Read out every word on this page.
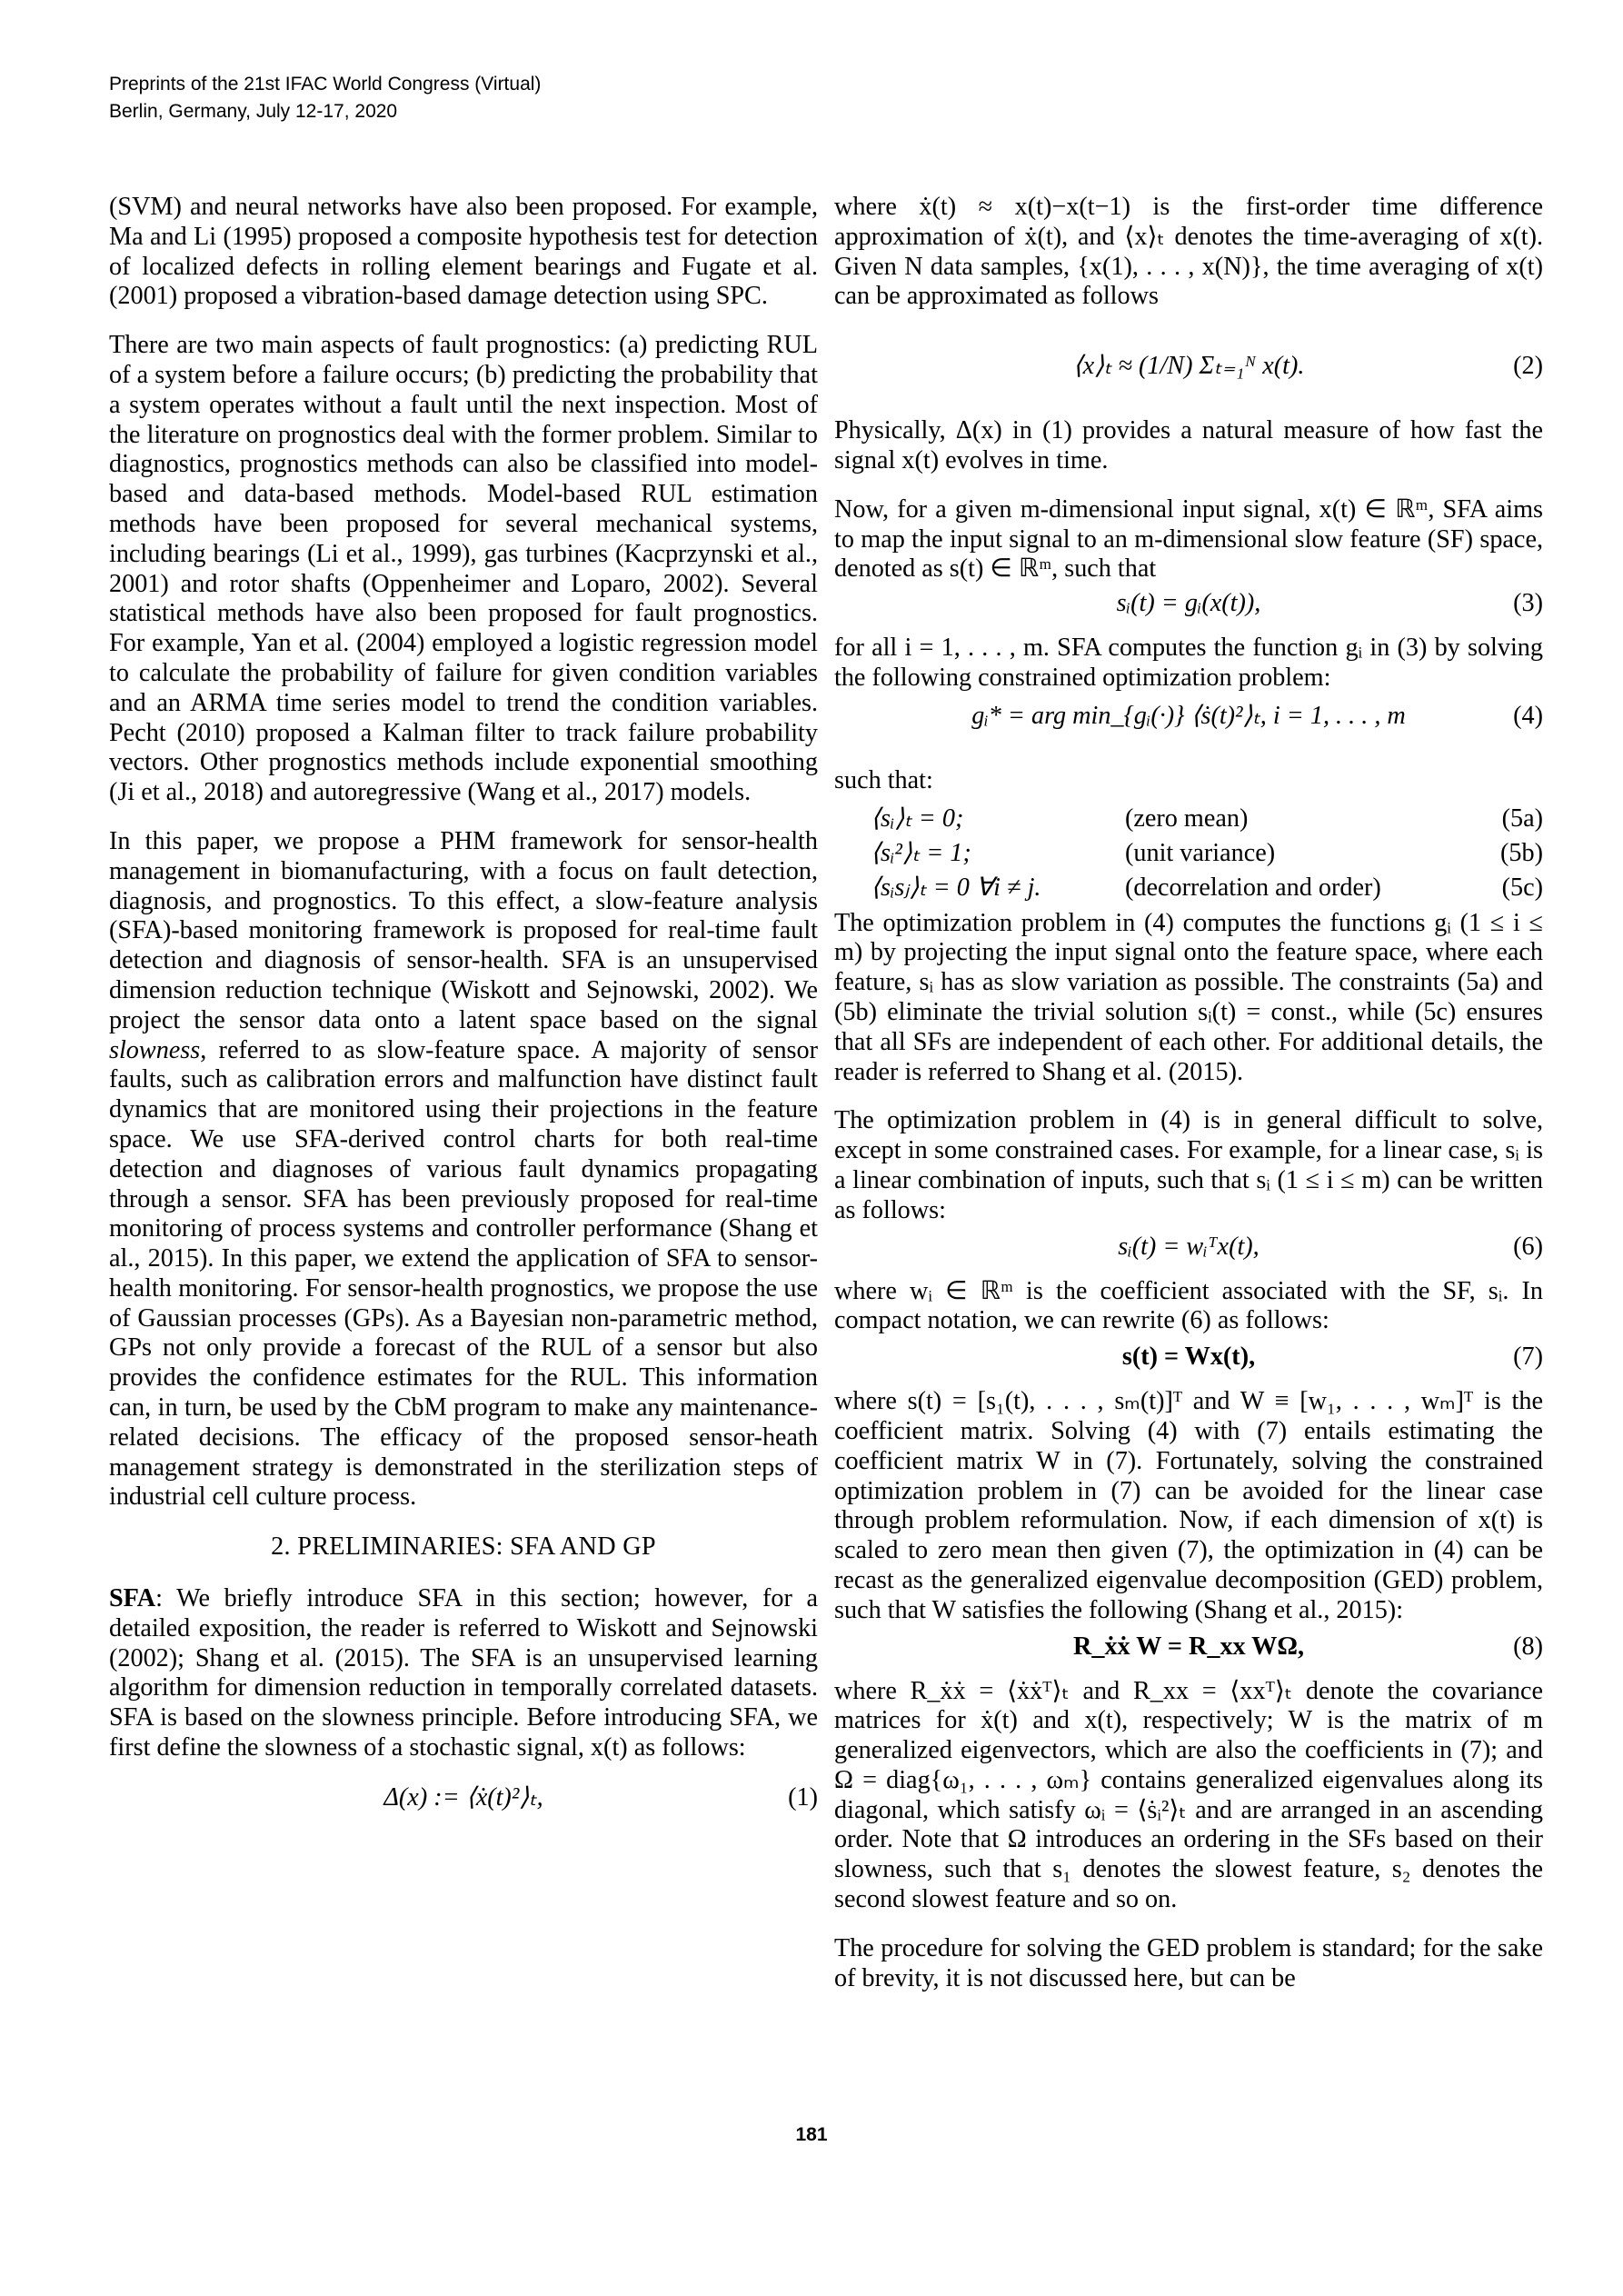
Preprints of the 21st IFAC World Congress (Virtual)
Berlin, Germany, July 12-17, 2020

(SVM) and neural networks have also been proposed. For example, Ma and Li (1995) proposed a composite hypothesis test for detection of localized defects in rolling element bearings and Fugate et al. (2001) proposed a vibration-based damage detection using SPC.

There are two main aspects of fault prognostics: (a) predicting RUL of a system before a failure occurs; (b) predicting the probability that a system operates without a fault until the next inspection. Most of the literature on prognostics deal with the former problem. Similar to diagnostics, prognostics methods can also be classified into model-based and data-based methods. Model-based RUL estimation methods have been proposed for several mechanical systems, including bearings (Li et al., 1999), gas turbines (Kacprzynski et al., 2001) and rotor shafts (Oppenheimer and Loparo, 2002). Several statistical methods have also been proposed for fault prognostics. For example, Yan et al. (2004) employed a logistic regression model to calculate the probability of failure for given condition variables and an ARMA time series model to trend the condition variables. Pecht (2010) proposed a Kalman filter to track failure probability vectors. Other prognostics methods include exponential smoothing (Ji et al., 2018) and autoregressive (Wang et al., 2017) models.

In this paper, we propose a PHM framework for sensor-health management in biomanufacturing, with a focus on fault detection, diagnosis, and prognostics. To this effect, a slow-feature analysis (SFA)-based monitoring framework is proposed for real-time fault detection and diagnosis of sensor-health. SFA is an unsupervised dimension reduction technique (Wiskott and Sejnowski, 2002). We project the sensor data onto a latent space based on the signal slowness, referred to as slow-feature space. A majority of sensor faults, such as calibration errors and malfunction have distinct fault dynamics that are monitored using their projections in the feature space. We use SFA-derived control charts for both real-time detection and diagnoses of various fault dynamics propagating through a sensor. SFA has been previously proposed for real-time monitoring of process systems and controller performance (Shang et al., 2015). In this paper, we extend the application of SFA to sensor-health monitoring. For sensor-health prognostics, we propose the use of Gaussian processes (GPs). As a Bayesian non-parametric method, GPs not only provide a forecast of the RUL of a sensor but also provides the confidence estimates for the RUL. This information can, in turn, be used by the CbM program to make any maintenance-related decisions. The efficacy of the proposed sensor-heath management strategy is demonstrated in the sterilization steps of industrial cell culture process.

2. PRELIMINARIES: SFA AND GP

SFA: We briefly introduce SFA in this section; however, for a detailed exposition, the reader is referred to Wiskott and Sejnowski (2002); Shang et al. (2015). The SFA is an unsupervised learning algorithm for dimension reduction in temporally correlated datasets. SFA is based on the slowness principle. Before introducing SFA, we first define the slowness of a stochastic signal, x(t) as follows:

Δ(x) := ⟨ẋ(t)²⟩ₜ,	(1)

where ẋ(t) ≈ x(t)−x(t−1) is the first-order time difference approximation of ẋ(t), and ⟨x⟩ₜ denotes the time-averaging of x(t). Given N data samples, {x(1), . . . , x(N)}, the time averaging of x(t) can be approximated as follows

⟨x⟩ₜ ≈ (1/N) Σₜ₌₁ᴺ x(t).	(2)

Physically, Δ(x) in (1) provides a natural measure of how fast the signal x(t) evolves in time.

Now, for a given m-dimensional input signal, x(t) ∈ ℝᵐ, SFA aims to map the input signal to an m-dimensional slow feature (SF) space, denoted as s(t) ∈ ℝᵐ, such that

sᵢ(t) = gᵢ(x(t)),	(3)

for all i = 1, . . . , m. SFA computes the function gᵢ in (3) by solving the following constrained optimization problem:

gᵢ* = arg min_{gᵢ(·)} ⟨ṡ(t)²⟩ₜ, i = 1, . . . , m	(4)

such that:

⟨sᵢ⟩ₜ = 0;	(zero mean)	(5a)
⟨sᵢ²⟩ₜ = 1;	(unit variance)	(5b)
⟨sᵢsⱼ⟩ₜ = 0 ∀i ≠ j.	(decorrelation and order)	(5c)

The optimization problem in (4) computes the functions gᵢ (1 ≤ i ≤ m) by projecting the input signal onto the feature space, where each feature, sᵢ has as slow variation as possible. The constraints (5a) and (5b) eliminate the trivial solution sᵢ(t) = const., while (5c) ensures that all SFs are independent of each other. For additional details, the reader is referred to Shang et al. (2015).

The optimization problem in (4) is in general difficult to solve, except in some constrained cases. For example, for a linear case, sᵢ is a linear combination of inputs, such that sᵢ (1 ≤ i ≤ m) can be written as follows:

sᵢ(t) = wᵢᵀx(t),	(6)

where wᵢ ∈ ℝᵐ is the coefficient associated with the SF, sᵢ. In compact notation, we can rewrite (6) as follows:

s(t) = Wx(t),	(7)

where s(t) = [s₁(t), . . . , sₘ(t)]ᵀ and W ≡ [w₁, . . . , wₘ]ᵀ is the coefficient matrix. Solving (4) with (7) entails estimating the coefficient matrix W in (7). Fortunately, solving the constrained optimization problem in (7) can be avoided for the linear case through problem reformulation. Now, if each dimension of x(t) is scaled to zero mean then given (7), the optimization in (4) can be recast as the generalized eigenvalue decomposition (GED) problem, such that W satisfies the following (Shang et al., 2015):

R_ẋẋ W = R_xx WΩ,	(8)

where R_ẋẋ = ⟨ẋẋᵀ⟩ₜ and R_xx = ⟨xxᵀ⟩ₜ denote the covariance matrices for ẋ(t) and x(t), respectively; W is the matrix of m generalized eigenvectors, which are also the coefficients in (7); and Ω = diag{ω₁, . . . , ωₘ} contains generalized eigenvalues along its diagonal, which satisfy ωᵢ = ⟨ṡᵢ²⟩ₜ and are arranged in an ascending order. Note that Ω introduces an ordering in the SFs based on their slowness, such that s₁ denotes the slowest feature, s₂ denotes the second slowest feature and so on.

The procedure for solving the GED problem is standard; for the sake of brevity, it is not discussed here, but can be

181
